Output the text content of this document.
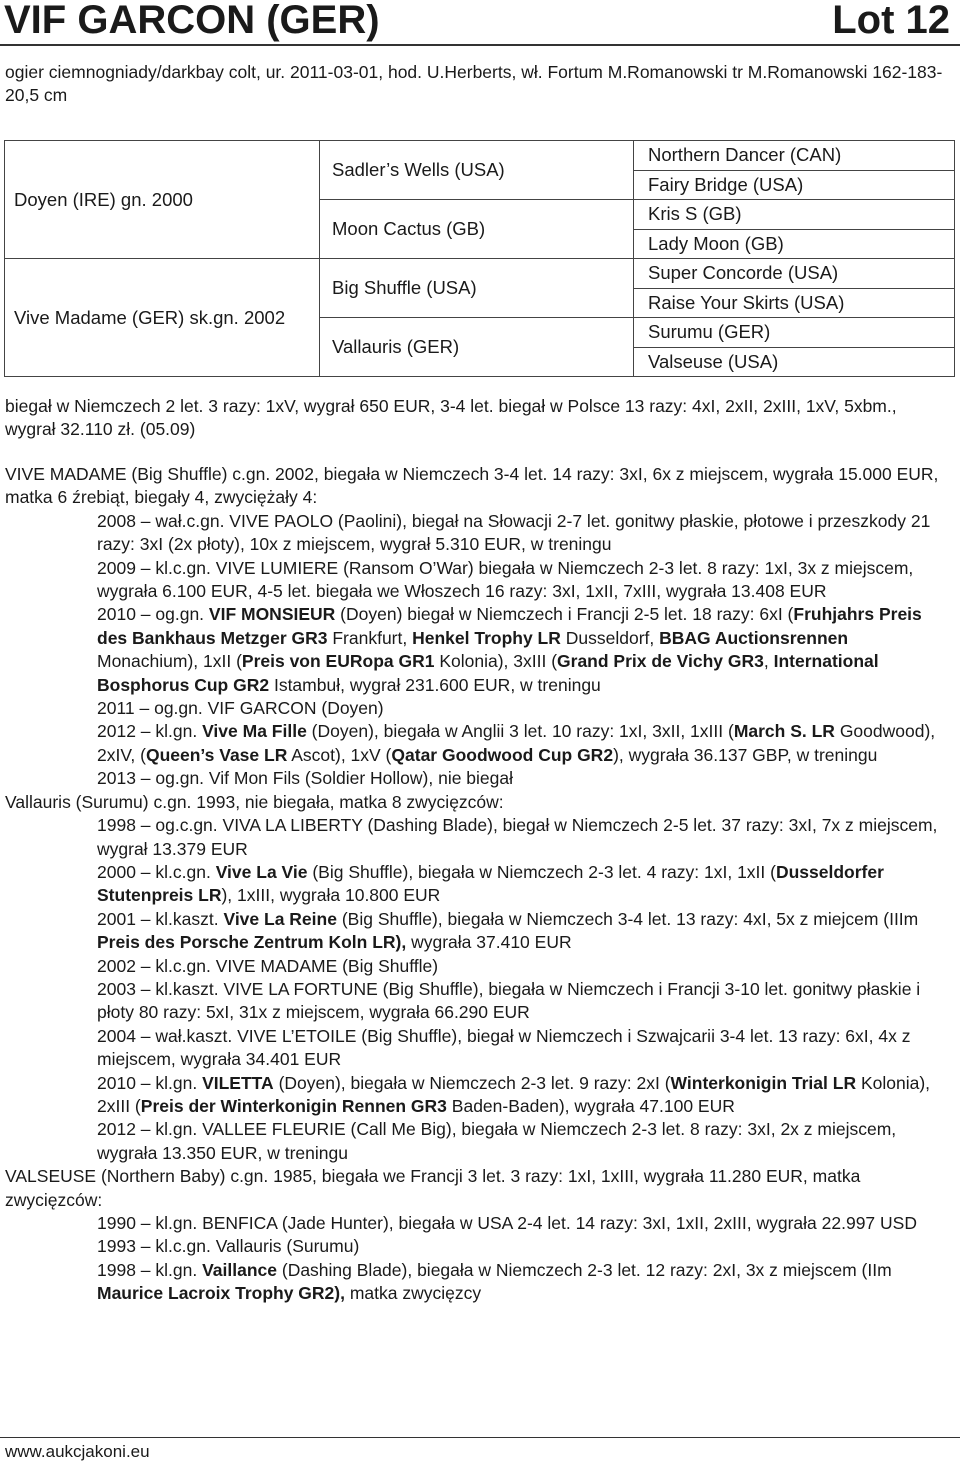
VIF GARCON (GER)	Lot 12
ogier ciemnogniady/darkbay colt, ur. 2011-03-01, hod. U.Herberts, wł. Fortum M.Romanowski tr M.Romanowski 162-183-20,5 cm
Doyen (IRE) gn. 2000	Sadler’s Wells (USA)	Northern Dancer (CAN)
		Fairy Bridge (USA)
	Moon Cactus (GB)	Kris S (GB)
		Lady Moon (GB)
Vive Madame (GER) sk.gn. 2002	Big Shuffle (USA)	Super Concorde (USA)
		Raise Your Skirts (USA)
	Vallauris (GER)	Surumu (GER)
		Valseuse (USA)
biegał w Niemczech 2 let. 3 razy: 1xV, wygrał 650 EUR, 3-4 let. biegał w Polsce 13 razy: 4xI, 2xII, 2xIII, 1xV, 5xbm., wygrał 32.110 zł. (05.09)

VIVE MADAME (Big Shuffle) c.gn. 2002, biegała w Niemczech 3-4 let. 14 razy: 3xI, 6x z miejscem, wygrała 15.000 EUR, matka 6 źrebiąt, biegały 4, zwyciężały 4:

2008 – wał.c.gn. VIVE PAOLO (Paolini), biegał na Słowacji 2-7 let. gonitwy płaskie, płotowe i przeszkody 21 razy: 3xI (2x płoty), 10x z miejscem, wygrał 5.310 EUR, w treningu

2009 – kl.c.gn. VIVE LUMIERE (Ransom O’War) biegała w Niemczech 2-3 let. 8 razy: 1xI, 3x z miejscem, wygrała 6.100 EUR, 4-5 let. biegała we Włoszech 16 razy: 3xI, 1xII, 7xIII, wygrała 13.408 EUR

2010 – og.gn. VIF MONSIEUR (Doyen) biegał w Niemczech i Francji 2-5 let. 18 razy: 6xI (Fruhjahrs Preis des Bankhaus Metzger GR3 Frankfurt, Henkel Trophy LR Dusseldorf, BBAG Auctionsrennen Monachium), 1xII (Preis von EURopa GR1 Kolonia), 3xIII (Grand Prix de Vichy GR3, International Bosphorus Cup GR2 Istambuł, wygrał 231.600 EUR, w treningu

2011 – og.gn. VIF GARCON (Doyen)

2012 – kl.gn. Vive Ma Fille (Doyen), biegała w Anglii 3 let. 10 razy: 1xI, 3xII, 1xIII (March S. LR Goodwood), 2xIV, (Queen’s Vase LR Ascot), 1xV (Qatar Goodwood Cup GR2), wygrała 36.137 GBP, w treningu

2013 – og.gn. Vif Mon Fils (Soldier Hollow), nie biegał

Vallauris (Surumu) c.gn. 1993, nie biegała, matka 8 zwycięzców:

1998 – og.c.gn. VIVA LA LIBERTY (Dashing Blade), biegał w Niemczech 2-5 let. 37 razy: 3xI, 7x z miejscem, wygrał 13.379 EUR

2000 – kl.c.gn. Vive La Vie (Big Shuffle), biegała w Niemczech 2-3 let. 4 razy: 1xI, 1xII (Dusseldorfer Stutenpreis LR), 1xIII, wygrała 10.800 EUR

2001 – kl.kaszt. Vive La Reine (Big Shuffle), biegała w Niemczech 3-4 let. 13 razy: 4xI, 5x z miejcem (IIIm Preis des Porsche Zentrum Koln LR), wygrała 37.410 EUR

2002 – kl.c.gn. VIVE MADAME (Big Shuffle)

2003 – kl.kaszt. VIVE LA FORTUNE (Big Shuffle), biegała w Niemczech i Francji 3-10 let. gonitwy płaskie i płoty 80 razy: 5xI, 31x z miejscem, wygrała 66.290 EUR

2004 – wał.kaszt. VIVE L’ETOILE (Big Shuffle), biegał w Niemczech i Szwajcarii 3-4 let. 13 razy: 6xI, 4x z miejscem, wygrała 34.401 EUR

2010 – kl.gn. VILETTA (Doyen), biegała w Niemczech 2-3 let. 9 razy: 2xI (Winterkonigin Trial LR Kolonia), 2xIII (Preis der Winterkonigin Rennen GR3 Baden-Baden), wygrała 47.100 EUR

2012 – kl.gn. VALLEE FLEURIE (Call Me Big), biegała w Niemczech 2-3 let. 8 razy: 3xI, 2x z miejscem, wygrała 13.350 EUR, w treningu

VALSEUSE (Northern Baby) c.gn. 1985, biegała we Francji 3 let. 3 razy: 1xI, 1xIII, wygrała 11.280 EUR, matka zwycięzców:

1990 – kl.gn. BENFICA (Jade Hunter), biegała w USA 2-4 let. 14 razy: 3xI, 1xII, 2xIII, wygrała 22.997 USD

1993 – kl.c.gn. Vallauris (Surumu)

1998 – kl.gn. Vaillance (Dashing Blade), biegała w Niemczech 2-3 let. 12 razy: 2xI, 3x z miejscem (IIm Maurice Lacroix Trophy GR2), matka zwycięzcy

www.aukcjakoni.eu
